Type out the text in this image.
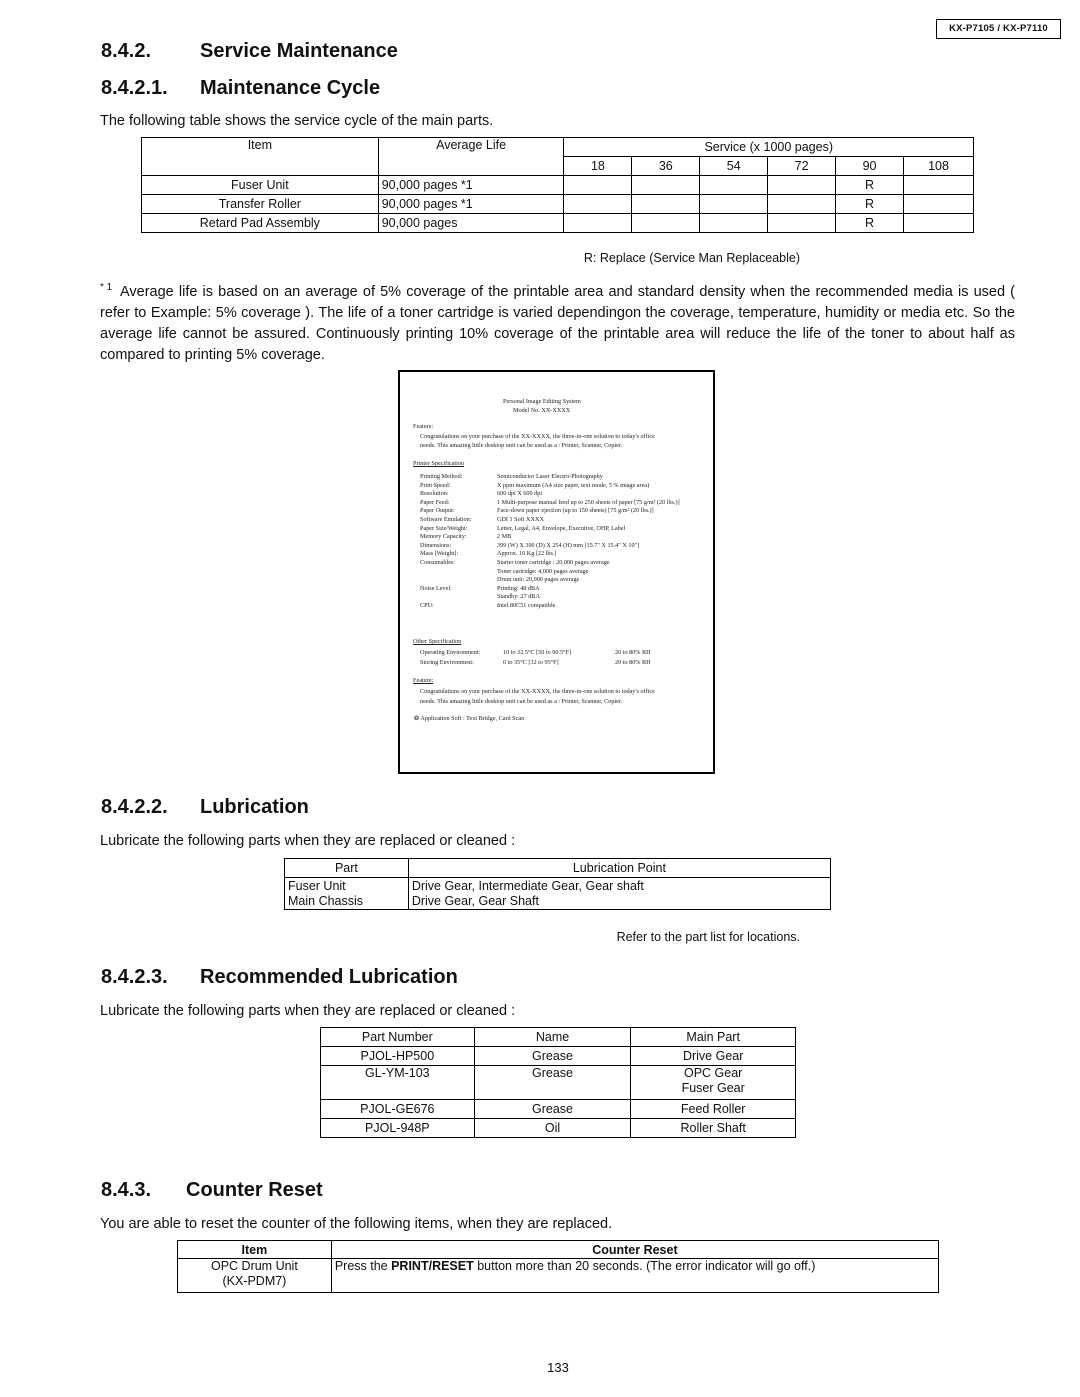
KX-P7105 / KX-P7110
8.4.2. Service Maintenance
8.4.2.1. Maintenance Cycle
The following table shows the service cycle of the main parts.
Item	Average Life	Service (x 1000 pages)					
		18	36	54	72	90	108
Fuser Unit	90,000 pages *1					R	
Transfer Roller	90,000 pages *1					R	
Retard Pad Assembly	90,000 pages					R	
R: Replace (Service Man Replaceable)
* 1 Average life is based on an average of 5% coverage of the printable area and standard density when the recommended media is used ( refer to Example: 5% coverage ). The life of a toner cartridge is varied dependingon the coverage, temperature, humidity or media etc. So the average life cannot be assured. Continuously printing 10% coverage of the printable area will reduce the life of the toner to about half as compared to printing 5% coverage.
Personal Image Editing System
Model No. XX-XXXX
Feature:
Congratulations on your purchase of the XX-XXXX, the three-in-one solution to today's office
needs. This amazing little desktop unit can be used as a : Printer, Scanner, Copier.
Printer Specification
Printing Method:	Semiconductor Laser Electro-Photography
Print Speed:	X ppm maximum (A4 size paper, text mode, 5 % image area)
Resolution:	600 dpi X 600 dpi
Paper Feed:	1 Multi-purpose manual feed up to 250 sheets of paper [75 g/m² (20 lbs.)]
Paper Output:	Face-down paper ejection (up to 150 sheets) [75 g/m² (20 lbs.)]
Software Emulation:	GDI 1 Soft XXXX
Paper Size/Weight:	Letter, Legal, A4, Envelope, Executive, OHP, Label
Memory Capacity:	2 MB
Dimensions:	399 (W) X 390 (D) X 254 (H) mm [15.7" X 15.4" X 10"]
Mass [Weight]:	Approx. 10 Kg [22 lbs.]
Consumables:	Starter toner cartridge : 20,000 pages average
Toner cartridge: 4,000 pages average
Drum unit: 20,000 pages average
Noise Level:	Printing: 48 dBA
Standby: 27 dBA
CPU:	Intel 80C51 compatible
Other Specification
Operating Environment:	10 to 32.5°C [50 to 90.5°F]	20 to 80% RH
Storing Environment:	0 to 35°C [32 to 95°F]	20 to 80% RH
Feature:
Congratulations on your purchase of the XX-XXXX, the three-in-one solution to today's office
needs. This amazing little desktop unit can be used as a : Printer, Scanner, Copier.
❂ Application Soft : Text Bridge, Card Scan
8.4.2.2. Lubrication
Lubricate the following parts when they are replaced or cleaned :
Part	Lubrication Point
Fuser Unit	Drive Gear, Intermediate Gear, Gear shaft
Main Chassis	Drive Gear, Gear Shaft
Refer to the part list for locations.
8.4.2.3. Recommended Lubrication
Lubricate the following parts when they are replaced or cleaned :
Part Number	Name	Main Part
PJOL-HP500	Grease	Drive Gear
GL-YM-103	Grease	OPC Gear
Fuser Gear

PJOL-GE676	Grease	Feed Roller
PJOL-948P	Oil	Roller Shaft
8.4.3. Counter Reset
You are able to reset the counter of the following items, when they are replaced.
Item	Counter Reset

OPC Drum Unit
(KX-PDM7)	Press the PRINT/RESET button more than 20 seconds. (The error indicator will go off.)
133
